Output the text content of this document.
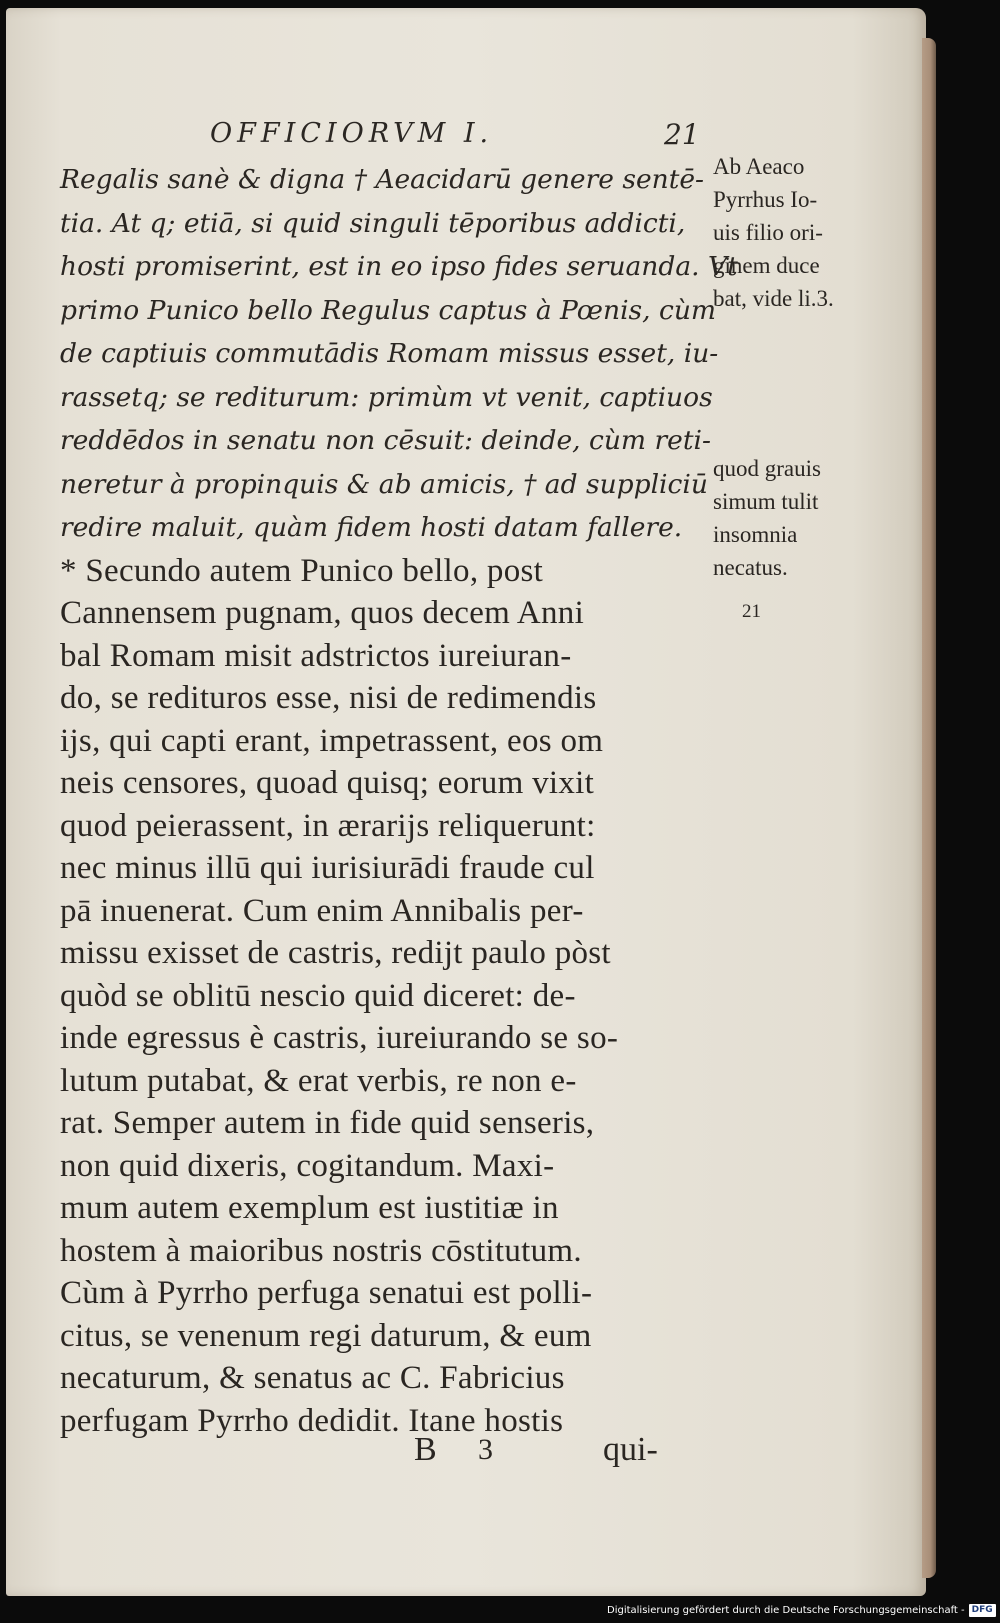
OFFICIORVM I.	21
Regalis sanè & digna † Aeacidarū genere sentē-
tia. At q; etiā, si quid singuli tēporibus addicti,
hosti promiserint, est in eo ipso fides seruanda. Vt
primo Punico bello Regulus captus à Pœnis, cùm
de captiuis commutādis Romam missus esset, iu-
rassetq; se rediturum: primùm vt venit, captiuos
reddēdos in senatu non cēsuit: deinde, cùm reti-
neretur à propinquis & ab amicis, † ad suppliciū
redire maluit, quàm fidem hosti datam fallere.
* Secundo autem Punico bello, post
Cannensem pugnam, quos decem Anni
bal Romam misit adstrictos iureiuran-
do, se redituros esse, nisi de redimendis
ijs, qui capti erant, impetrassent, eos om
neis censores, quoad quisq; eorum vixit
quod peierassent, in ærarijs reliquerunt:
nec minus illū qui iurisiurādi fraude cul
pā inuenerat. Cum enim Annibalis per-
missu exisset de castris, redijt paulo pòst
quòd se oblitū nescio quid diceret: de-
inde egressus è castris, iureiurando se so-
lutum putabat, & erat verbis, re non e-
rat. Semper autem in fide quid senseris,
non quid dixeris, cogitandum. Maxi-
mum autem exemplum est iustitiæ in
hostem à maioribus nostris cōstitutum.
Cùm à Pyrrho perfuga senatui est polli-
citus, se venenum regi daturum, & eum
necaturum, & senatus ac C. Fabricius
perfugam Pyrrho dedidit. Itane hostis
Ab Aeaco
Pyrrhus Io-
uis filio ori-
ginem duce
bat, vide li.3.
quod grauis
simum tulit
insomnia
necatus.
21
B 3	qui-
Digitalisierung gefördert durch die Deutsche Forschungsgemeinschaft - DFG
